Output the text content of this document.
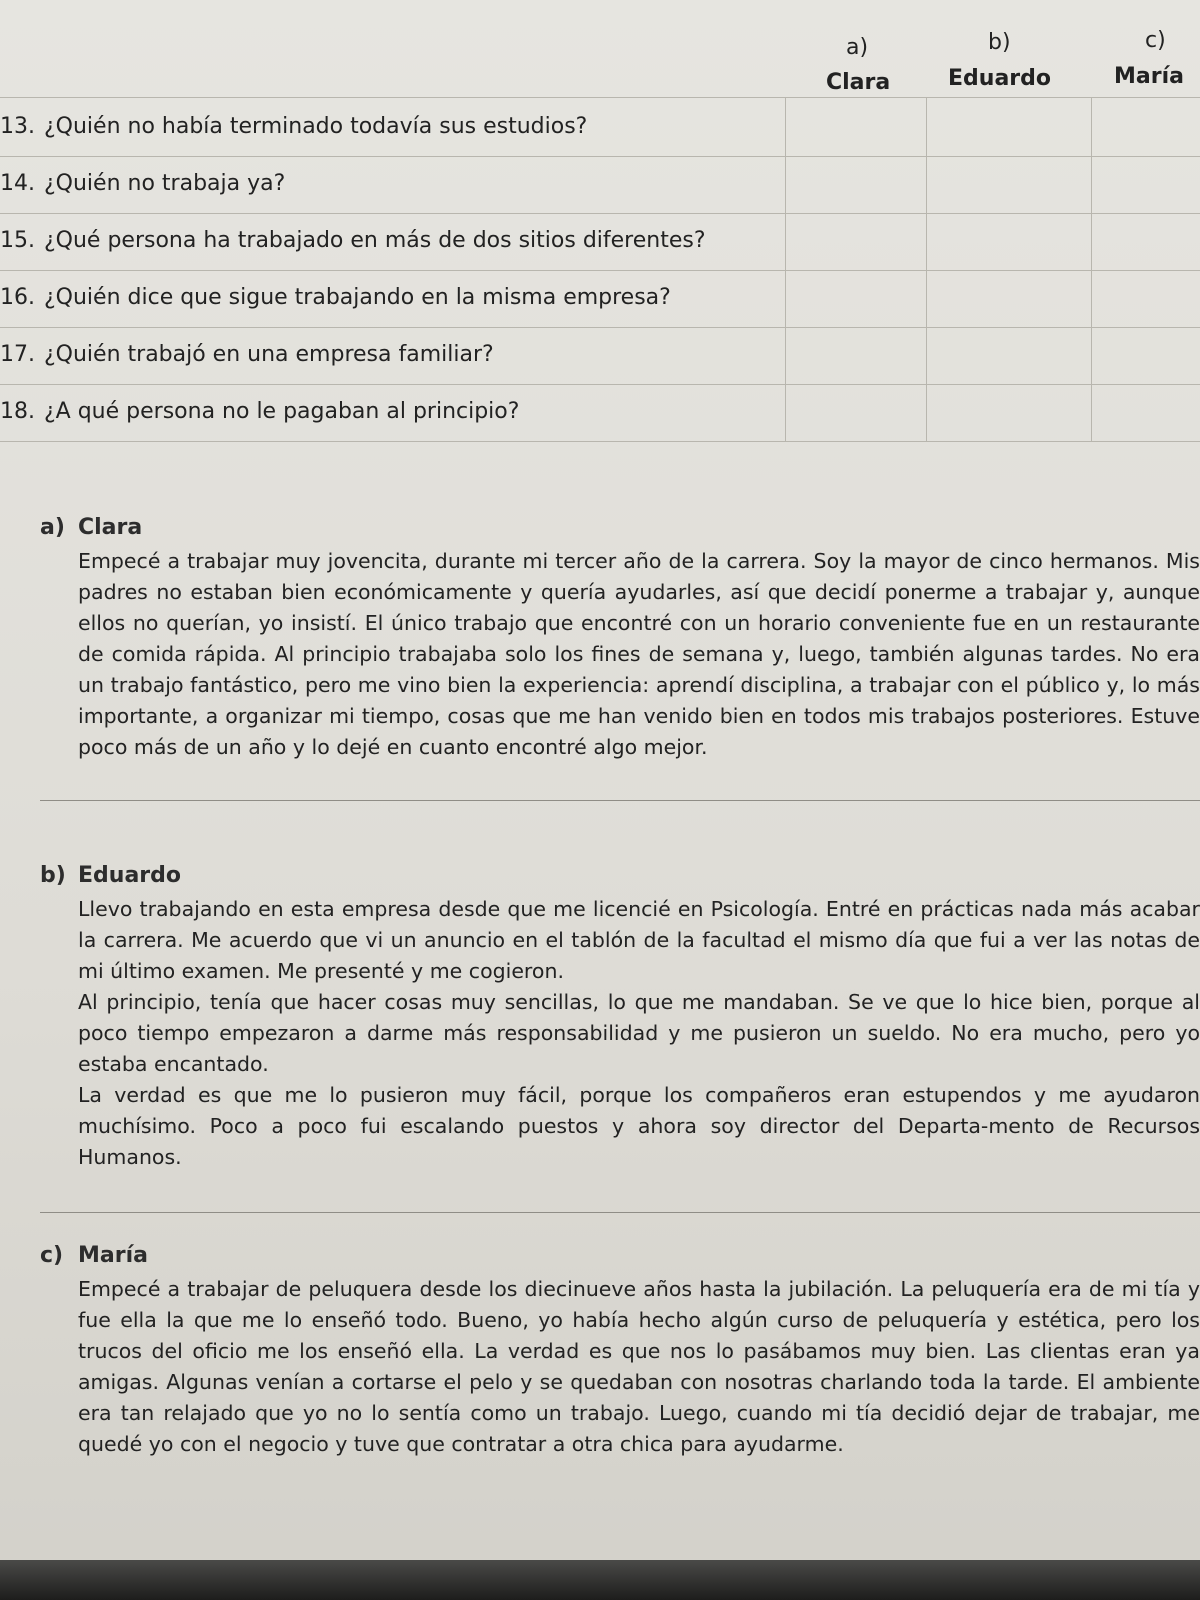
a)	b)	c)
Clara	Eduardo	María
13. ¿Quién no había terminado todavía sus estudios?
14. ¿Quién no trabaja ya?
15. ¿Qué persona ha trabajado en más de dos sitios diferentes?
16. ¿Quién dice que sigue trabajando en la misma empresa?
17. ¿Quién trabajó en una empresa familiar?
18. ¿A qué persona no le pagaban al principio?
a) Clara
Empecé a trabajar muy jovencita, durante mi tercer año de la carrera. Soy la mayor de cinco hermanos. Mis padres no estaban bien económicamente y quería ayudarles, así que decidí ponerme a trabajar y, aunque ellos no querían, yo insistí. El único trabajo que encontré con un horario conveniente fue en un restaurante de comida rápida. Al principio trabajaba solo los fines de semana y, luego, también algunas tardes. No era un trabajo fantástico, pero me vino bien la experiencia: aprendí disciplina, a trabajar con el público y, lo más importante, a organizar mi tiempo, cosas que me han venido bien en todos mis trabajos posteriores. Estuve poco más de un año y lo dejé en cuanto encontré algo mejor.
b) Eduardo
Llevo trabajando en esta empresa desde que me licencié en Psicología. Entré en prácticas nada más acabar la carrera. Me acuerdo que vi un anuncio en el tablón de la facultad el mismo día que fui a ver las notas de mi último examen. Me presenté y me cogieron.
Al principio, tenía que hacer cosas muy sencillas, lo que me mandaban. Se ve que lo hice bien, porque al poco tiempo empezaron a darme más responsabilidad y me pusieron un sueldo. No era mucho, pero yo estaba encantado.
La verdad es que me lo pusieron muy fácil, porque los compañeros eran estupendos y me ayudaron muchísimo. Poco a poco fui escalando puestos y ahora soy director del Departa-mento de Recursos Humanos.
c) María
Empecé a trabajar de peluquera desde los diecinueve años hasta la jubilación. La peluquería era de mi tía y fue ella la que me lo enseñó todo. Bueno, yo había hecho algún curso de peluquería y estética, pero los trucos del oficio me los enseñó ella. La verdad es que nos lo pasábamos muy bien. Las clientas eran ya amigas. Algunas venían a cortarse el pelo y se quedaban con nosotras charlando toda la tarde. El ambiente era tan relajado que yo no lo sentía como un trabajo. Luego, cuando mi tía decidió dejar de trabajar, me quedé yo con el negocio y tuve que contratar a otra chica para ayudarme.
